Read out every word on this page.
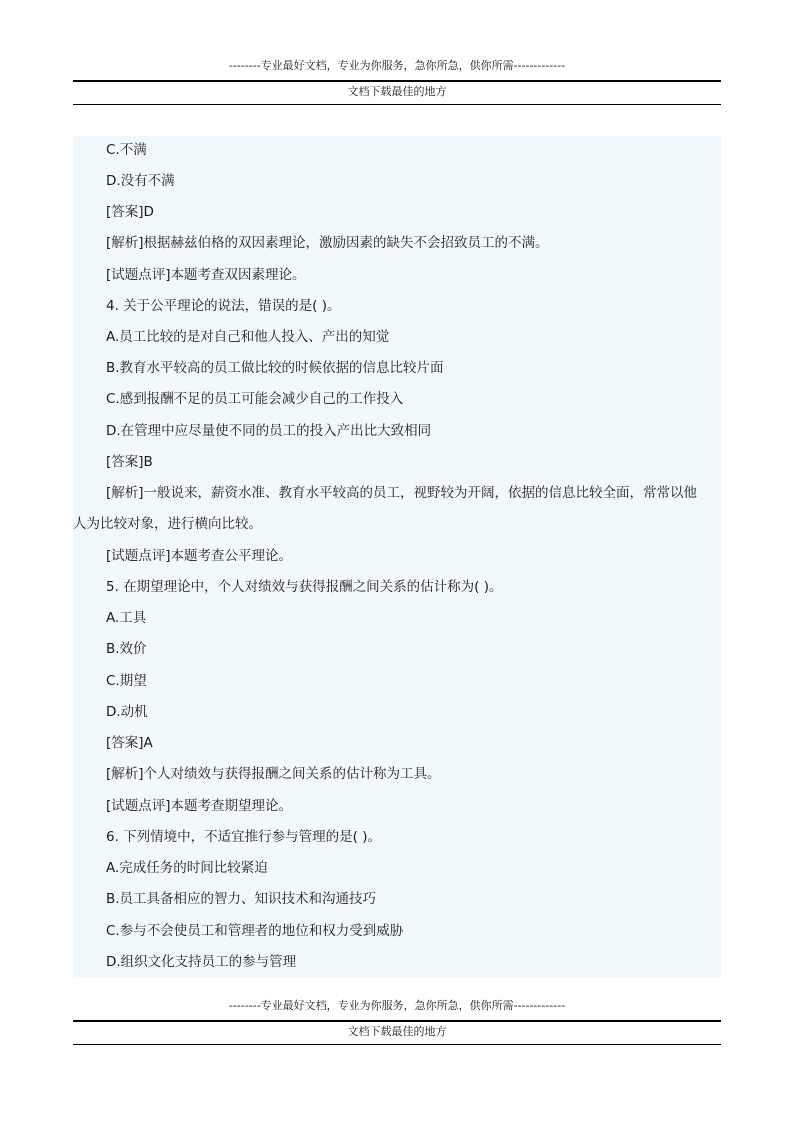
--------专业最好文档，专业为你服务，急你所急，供你所需-------------
文档下载最佳的地方
C.不满
D.没有不满
[答案]D
[解析]根据赫兹伯格的双因素理论，激励因素的缺失不会招致员工的不满。
[试题点评]本题考查双因素理论。
4. 关于公平理论的说法，错误的是( )。
A.员工比较的是对自己和他人投入、产出的知觉
B.教育水平较高的员工做比较的时候依据的信息比较片面
C.感到报酬不足的员工可能会减少自己的工作投入
D.在管理中应尽量使不同的员工的投入产出比大致相同
[答案]B
[解析]一般说来，薪资水准、教育水平较高的员工，视野较为开阔，依据的信息比较全面，常常以他
人为比较对象，进行横向比较。
[试题点评]本题考查公平理论。
5. 在期望理论中，个人对绩效与获得报酬之间关系的估计称为( )。
A.工具
B.效价
C.期望
D.动机
[答案]A
[解析]个人对绩效与获得报酬之间关系的估计称为工具。
[试题点评]本题考查期望理论。
6. 下列情境中，不适宜推行参与管理的是( )。
A.完成任务的时间比较紧迫
B.员工具备相应的智力、知识技术和沟通技巧
C.参与不会使员工和管理者的地位和权力受到威胁
D.组织文化支持员工的参与管理
--------专业最好文档，专业为你服务，急你所急，供你所需-------------
文档下载最佳的地方
